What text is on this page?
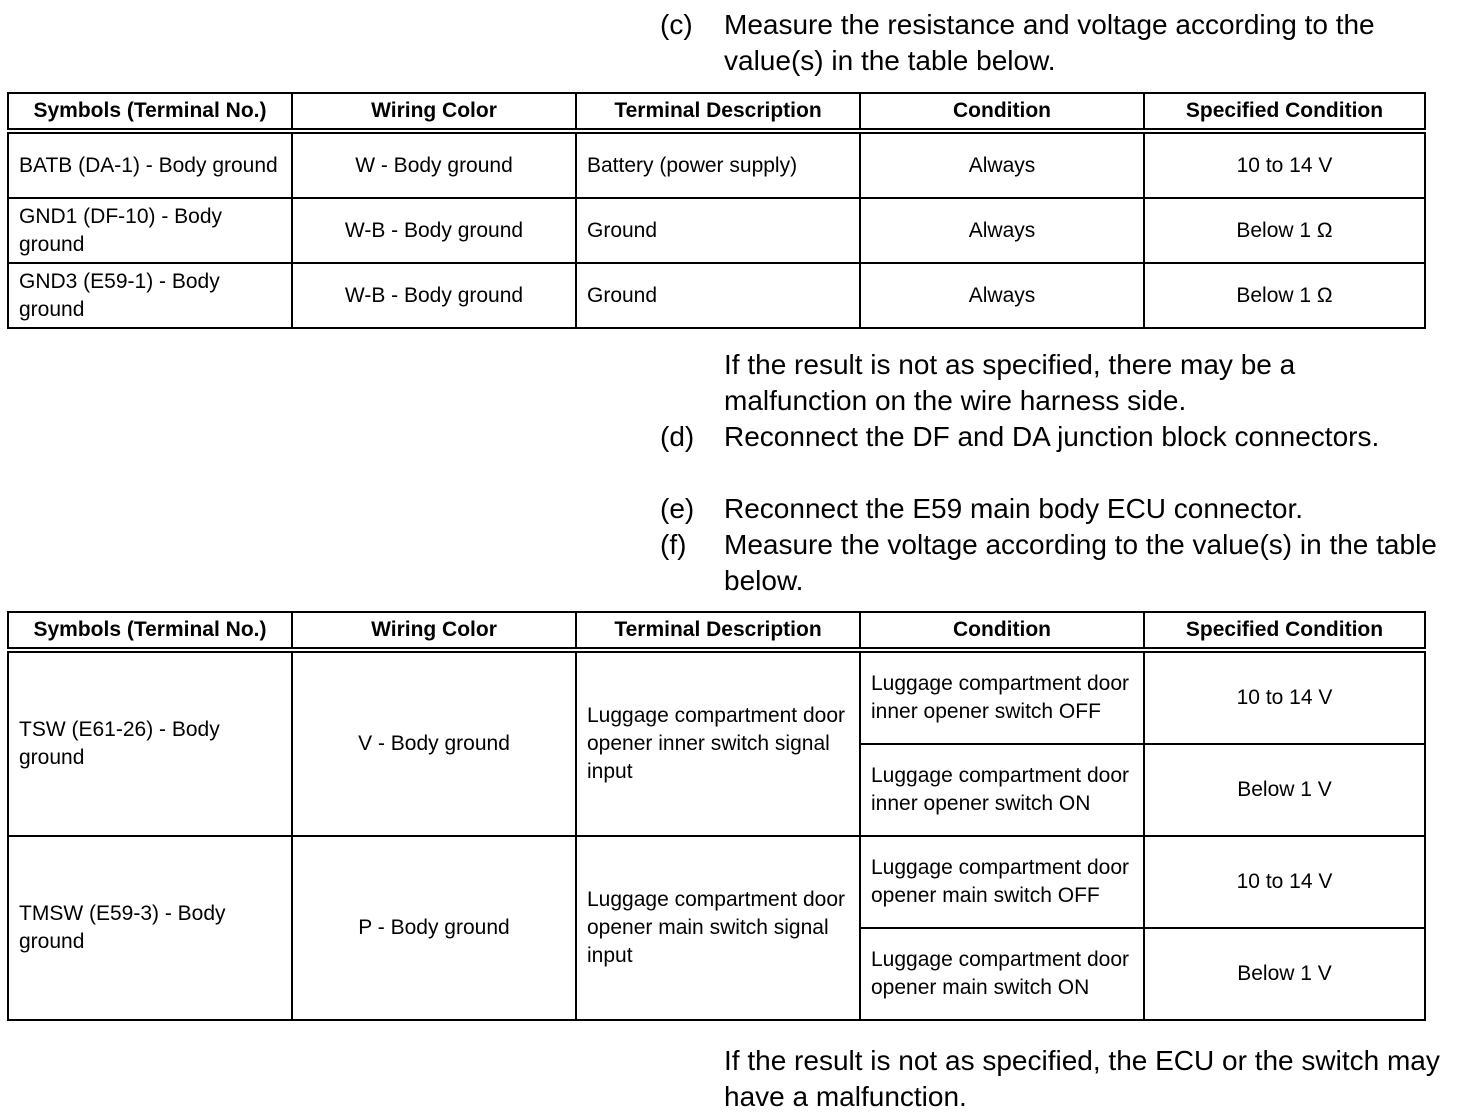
(c) Measure the resistance and voltage according to the value(s) in the table below.
Symbols (Terminal No.)	Wiring Color	Terminal Description	Condition	Specified Condition
BATB (DA-1) - Body ground	W - Body ground	Battery (power supply)	Always	10 to 14 V
GND1 (DF-10) - Body ground	W-B - Body ground	Ground	Always	Below 1 Ω
GND3 (E59-1) - Body ground	W-B - Body ground	Ground	Always	Below 1 Ω
If the result is not as specified, there may be a malfunction on the wire harness side.
(d) Reconnect the DF and DA junction block connectors.
(e) Reconnect the E59 main body ECU connector.
(f) Measure the voltage according to the value(s) in the table below.
Symbols (Terminal No.)	Wiring Color	Terminal Description	Condition	Specified Condition
TSW (E61-26) - Body ground	V - Body ground	Luggage compartment door opener inner switch signal input	Luggage compartment door inner opener switch OFF	10 to 14 V
			Luggage compartment door inner opener switch ON	Below 1 V
TMSW (E59-3) - Body ground	P - Body ground	Luggage compartment door opener main switch signal input	Luggage compartment door opener main switch OFF	10 to 14 V
			Luggage compartment door opener main switch ON	Below 1 V
If the result is not as specified, the ECU or the switch may have a malfunction.
